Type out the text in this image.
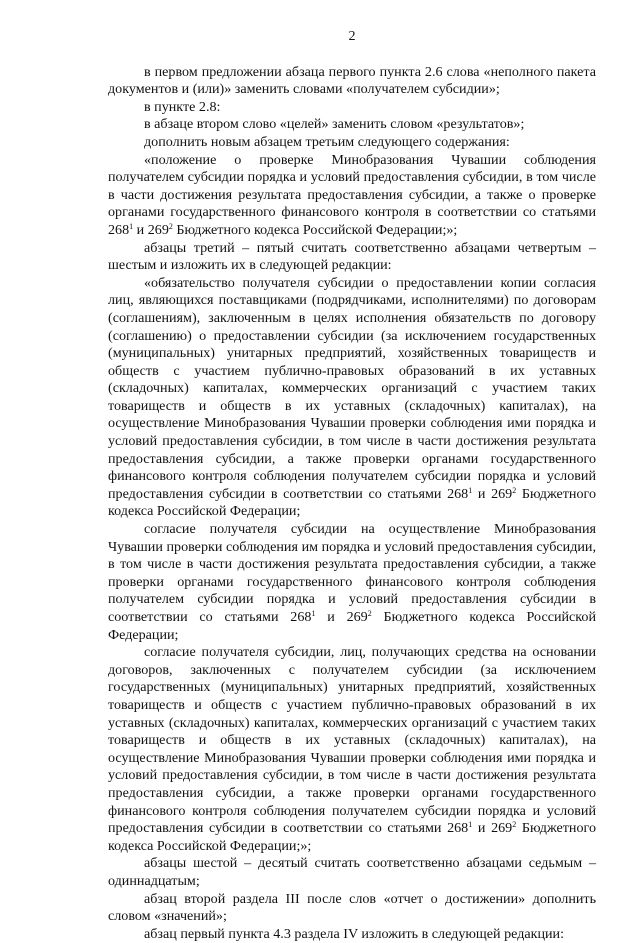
2

в первом предложении абзаца первого пункта 2.6 слова «неполного пакета документов и (или)» заменить словами «получателем субсидии»;

в пункте 2.8:

в абзаце втором слово «целей» заменить словом «результатов»;

дополнить новым абзацем третьим следующего содержания:

«положение о проверке Минобразования Чувашии соблюдения получателем субсидии порядка и условий предоставления субсидии, в том числе в части достижения результата предоставления субсидии, а также о проверке органами государственного финансового контроля в соответствии со статьями $268^1$ и $269^2$ Бюджетного кодекса Российской Федерации;»;

абзацы третий – пятый считать соответственно абзацами четвертым – шестым и изложить их в следующей редакции:

«обязательство получателя субсидии о предоставлении копии согласия лиц, являющихся поставщиками (подрядчиками, исполнителями) по договорам (соглашениям), заключенным в целях исполнения обязательств по договору (соглашению) о предоставлении субсидии (за исключением государственных (муниципальных) унитарных предприятий, хозяйственных товариществ и обществ с участием публично-правовых образований в их уставных (складочных) капиталах, коммерческих организаций с участием таких товариществ и обществ в их уставных (складочных) капиталах), на осуществление Минобразования Чувашии проверки соблюдения ими порядка и условий предоставления субсидии, в том числе в части достижения результата предоставления субсидии, а также проверки органами государственного финансового контроля соблюдения получателем субсидии порядка и условий предоставления субсидии в соответствии со статьями $268^1$ и $269^2$ Бюджетного кодекса Российской Федерации;

согласие получателя субсидии на осуществление Минобразования Чувашии проверки соблюдения им порядка и условий предоставления субсидии, в том числе в части достижения результата предоставления субсидии, а также проверки органами государственного финансового контроля соблюдения получателем субсидии порядка и условий предоставления субсидии в соответствии со статьями $268^1$ и $269^2$ Бюджетного кодекса Российской Федерации;

согласие получателя субсидии, лиц, получающих средства на основании договоров, заключенных с получателем субсидии (за исключением государственных (муниципальных) унитарных предприятий, хозяйственных товариществ и обществ с участием публично-правовых образований в их уставных (складочных) капиталах, коммерческих организаций с участием таких товариществ и обществ в их уставных (складочных) капиталах), на осуществление Минобразования Чувашии проверки соблюдения ими порядка и условий предоставления субсидии, в том числе в части достижения результата предоставления субсидии, а также проверки органами государственного финансового контроля соблюдения получателем субсидии порядка и условий предоставления субсидии в соответствии со статьями $268^1$ и $269^2$ Бюджетного кодекса Российской Федерации;»;

абзацы шестой – десятый считать соответственно абзацами седьмым – одиннадцатым;

абзац второй раздела III после слов «отчет о достижении» дополнить словом «значений»;

абзац первый пункта 4.3 раздела IV изложить в следующей редакции:
